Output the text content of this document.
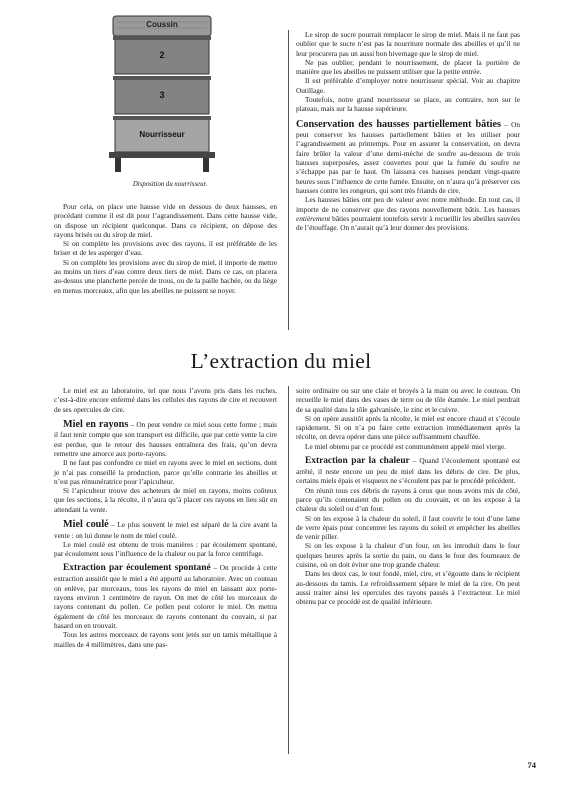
Coussin
2
3
Nourrisseur
Disposition du nourrisseur.

Pour cela, on place une hausse vide en dessous de deux hausses, en procédant comme il est dit pour l’agrandissement. Dans cette hausse vide, on dispose un récipient quelconque. Dans ce récipient, on dépose des rayons brisés ou du sirop de miel.

Si on complète les provisions avec des rayons, il est préférable de les briser et de les asperger d’eau.

Si on complète les provisions avec du sirop de miel, il importe de mettre au moins un tiers d’eau contre deux tiers de miel. Dans ce cas, on placera au-dessus une planchette percée de trous, ou de la paille hachée, ou du liège en menus morceaux, afin que les abeilles ne puissent se noyer.

Le sirop de sucre pourrait remplacer le sirop de miel. Mais il ne faut pas oublier que le sucre n’est pas la nourriture normale des abeilles et qu’il ne leur procurera pas un aussi bon hivernage que le sirop de miel.

Ne pas oublier, pendant le nourrissement, de placer la portière de manière que les abeilles ne puissent utiliser que la petite entrée.

Il est préférable d’employer notre nourrisseur spécial. Voir au chapitre Outillage.

Toutefois, notre grand nourrisseur se place, au contraire, non sur le plateau, mais sur la hausse supérieure.

Conservation des hausses partiellement bâties – On peut conserver les hausses partiellement bâties et les utiliser pour l’agrandissement au printemps. Pour en assurer la conservation, on devra faire brûler la valeur d’une demi-mèche de soufre au-dessous de trois hausses superposées, assez couvertes pour que la fumée du soufre ne s’échappe pas par le haut. On laissera ces hausses pendant vingt-quatre heures sous l’influence de cette fumée. Ensuite, on n’aura qu’à préserver ces hausses contre les rongeurs, qui sont très friands de cire.

Les hausses bâties ont peu de valeur avec notre méthode. En tout cas, il importe de ne conserver que des rayons nouvellement bâtis. Les hausses entièrement bâties pourraient toutefois servir à recueillir les abeilles sauvées de l’étouffage. On n’aurait qu’à leur donner des provisions.

L’extraction du miel

Le miel est au laboratoire, tel que nous l’avons pris dans les ruches, c’est-à-dire encore enfermé dans les cellules des rayons de cire et recouvert de ses opercules de cire.

Miel en rayons – On peut vendre ce miel sous cette forme ; mais il faut tenir compte que son transport est difficile, que par cette vente la cire est perdue, que le retour des hausses entraînera des frais, qu’on devra remettre une amorce aux porte-rayons.

Il ne faut pas confondre ce miel en rayons avec le miel en sections, dont je n’ai pas conseillé la production, parce qu’elle contrarie les abeilles et n’est pas rémunératrice pour l’apiculteur.

Si l’apiculteur trouve des acheteurs de miel en rayons, moins coûteux que les sections, à la récolte, il n’aura qu’à placer ces rayons en lieu sûr en attendant la vente.

Miel coulé – Le plus souvent le miel est séparé de la cire avant la vente : on lui donne le nom de miel coulé.

Le miel coulé est obtenu de trois manières : par écoulement spontané, par écoulement sous l’influence de la chaleur ou par la force centrifuge.

Extraction par écoulement spontané – On procède à cette extraction aussitôt que le miel a été apporté au laboratoire. Avec un couteau on enlève, par morceaux, tous les rayons de miel en laissant aux porte-rayons environ 1 centimètre de rayon. On met de côté les morceaux de rayons contenant du pollen. Ce pollen peut colorer le miel. On mettra également de côté les morceaux de rayons contenant du couvain, si par hasard on en trouvait.

Tous les autres morceaux de rayons sont jetés sur un tamis métallique à mailles de 4 millimètres, dans une pas-

soire ordinaire ou sur une claie et broyés à la main ou avec le couteau. On recueille le miel dans des vases de terre ou de tôle étamée. Le miel perdrait de sa qualité dans la tôle galvanisée, le zinc et le cuivre.

Si on opère aussitôt après la récolte, le miel est encore chaud et s’écoule rapidement. Si on n’a pu faire cette extraction immédiatement après la récolte, on devra opérer dans une pièce suffisamment chauffée.

Le miel obtenu par ce procédé est communément appelé miel vierge.

Extraction par la chaleur – Quand l’écoulement spontané est arrêté, il reste encore un peu de miel dans les débris de cire. De plus, certains miels épais et visqueux ne s’écoulent pas par le procédé précédent.

On réunit tous ces débris de rayons à ceux que nous avons mis de côté, parce qu’ils contenaient du pollen ou du couvain, et on les expose à la chaleur du soleil ou d’un four.

Si on les expose à la chaleur du soleil, il faut couvrir le tout d’une lame de verre épais pour concentrer les rayons du soleil et empêcher les abeilles de venir piller.

Si on les expose à la chaleur d’un four, on les introduit dans le four quelques heures après la sortie du pain, ou dans le four des fourneaux de cuisine, où on doit éviter une trop grande chaleur.

Dans les deux cas, le tout fondé, miel, cire, et s’égoutte dans le récipient au-dessous du tamis. Le refroidissement sépare le miel de la cire. On peut aussi traiter ainsi les opercules des rayons passés à l’extracteur. Le miel obtenu par ce procédé est de qualité inférieure.

74
